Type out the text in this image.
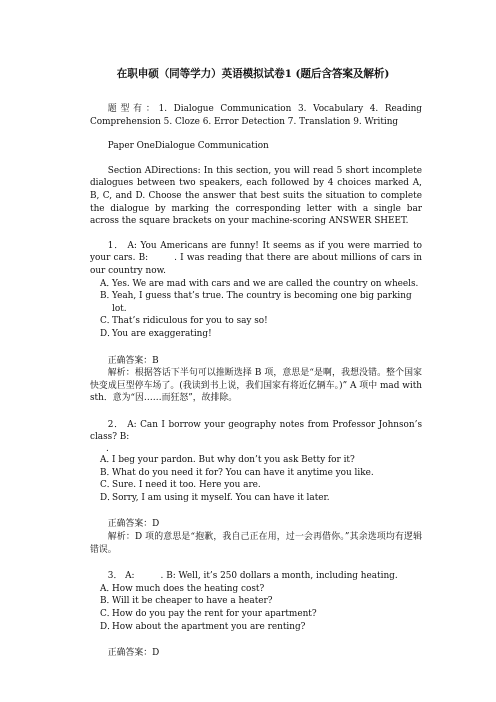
在职申硕（同等学力）英语模拟试卷1 (题后含答案及解析)

题型有：1. Dialogue Communication 3. Vocabulary 4. Reading Comprehension 5. Cloze 6. Error Detection 7. Translation 9. Writing

Paper OneDialogue Communication

Section ADirections: In this section, you will read 5 short incomplete dialogues between two speakers, each followed by 4 choices marked A, B, C, and D. Choose the answer that best suits the situation to complete the dialogue by marking the corresponding letter with a single bar across the square brackets on your machine-scoring ANSWER SHEET.

1． A: You Americans are funny! It seems as if you were married to your cars. B:	. I was reading that there are about millions of cars in our country now.

A．
Yes. We are mad with cars and we are called the country on wheels.
B．
Yeah, I guess that’s true. The country is becoming one big parking lot.
C．
That’s ridiculous for you to say so!
D．
You are exaggerating!

正确答案：B

解析：根据答话下半句可以推断选择 B 项，意思是“是啊，我想没错。整个国家快变成巨型停车场了。(我读到书上说，我们国家有将近亿辆车。)” A 项中 mad with sth．意为“因……而狂怒”，故排除。

2． A: Can I borrow your geography notes from Professor Johnson’s class? B:

.

A．
I beg your pardon. But why don’t you ask Betty for it?
B．
What do you need it for? You can have it anytime you like.
C．
Sure. I need it too. Here you are.
D．
Sorry, I am using it myself. You can have it later.

正确答案：D

解析：D 项的意思是“抱歉，我自己正在用，过一会再借你。”其余选项均有逻辑错误。

3． A:	. B: Well, it’s 250 dollars a month, including heating.

A．
How much does the heating cost?
B．
Will it be cheaper to have a heater?
C．
How do you pay the rent for your apartment?
D．
How about the apartment you are renting?

正确答案：D
